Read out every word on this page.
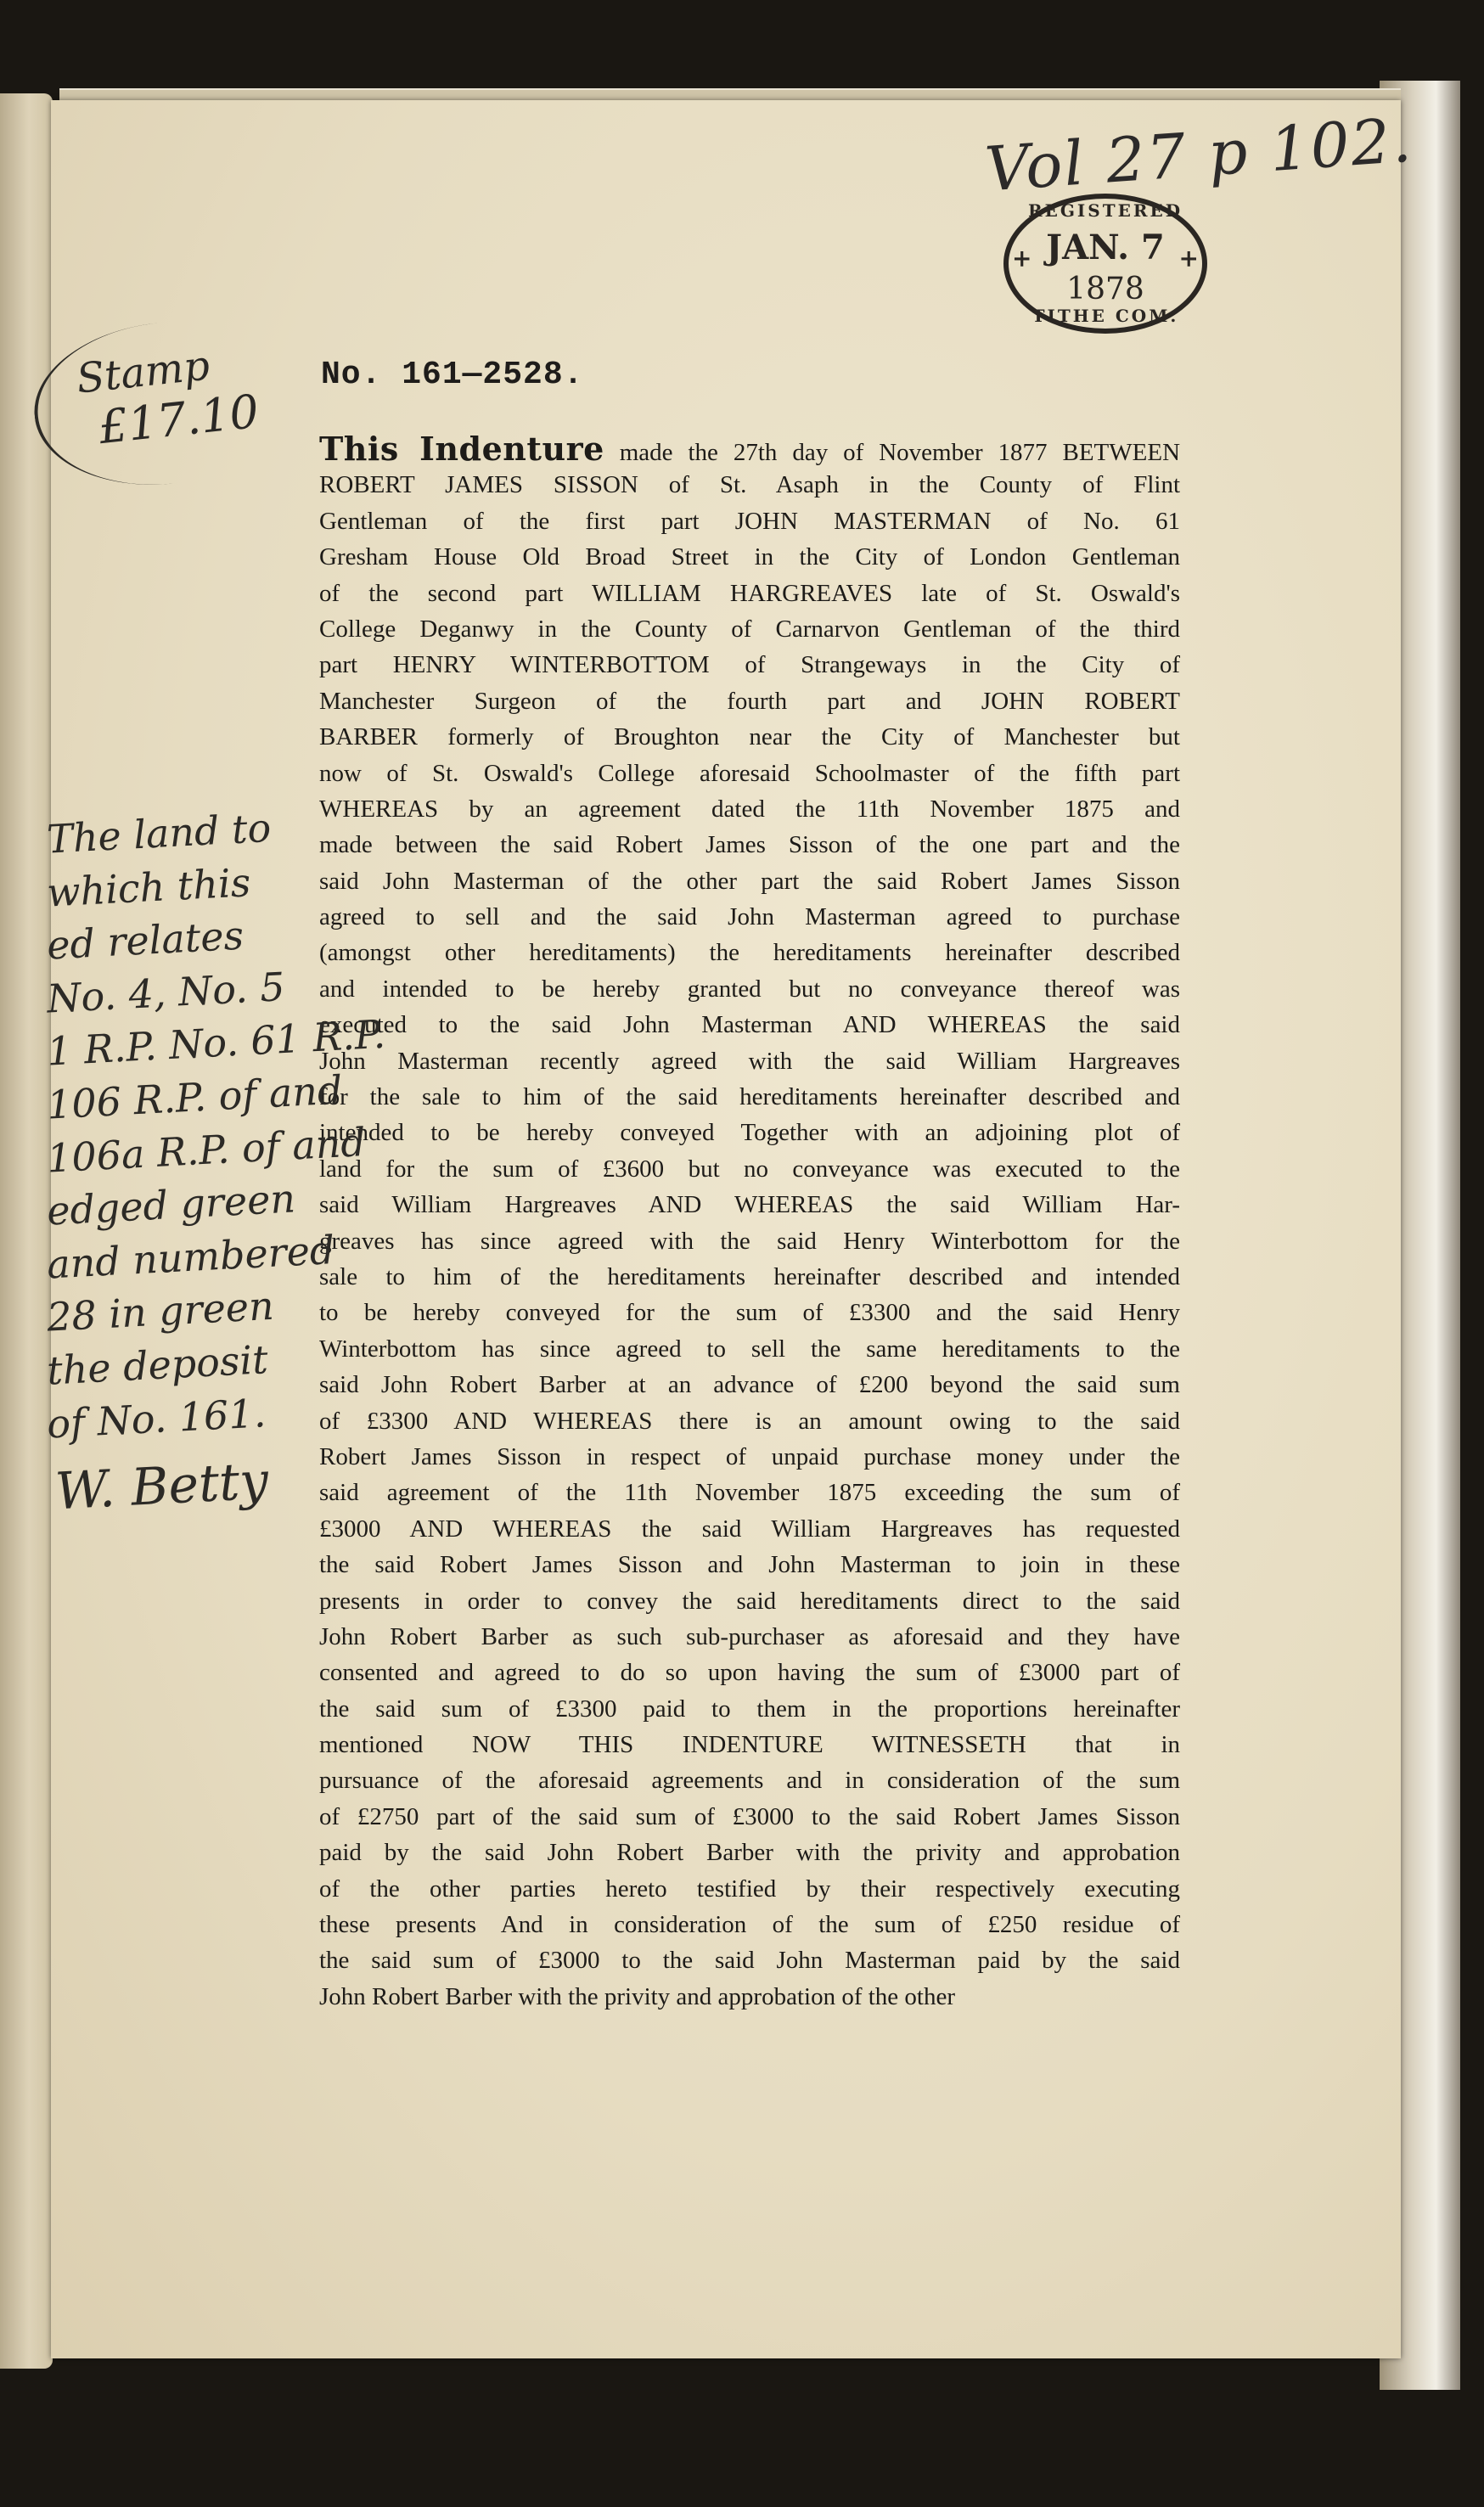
Vol 27 p 102.
REGISTERED
+ JAN. 7 +
1878
TITHE COM.
Stamp
£17.10
No. 161—2528.
This Indenture made the 27th day of November 1877 BETWEEN
ROBERT JAMES SISSON of St. Asaph in the County of Flint
Gentleman of the first part JOHN MASTERMAN of No. 61
Gresham House Old Broad Street in the City of London Gentleman
of the second part WILLIAM HARGREAVES late of St. Oswald's
College Deganwy in the County of Carnarvon Gentleman of the third
part HENRY WINTERBOTTOM of Strangeways in the City of
Manchester Surgeon of the fourth part and JOHN ROBERT
BARBER formerly of Broughton near the City of Manchester but
now of St. Oswald's College aforesaid Schoolmaster of the fifth part
WHEREAS by an agreement dated the 11th November 1875 and
made between the said Robert James Sisson of the one part and the
said John Masterman of the other part the said Robert James Sisson
agreed to sell and the said John Masterman agreed to purchase
(amongst other hereditaments) the hereditaments hereinafter described
and intended to be hereby granted but no conveyance thereof was
executed to the said John Masterman AND WHEREAS the said
John Masterman recently agreed with the said William Hargreaves
for the sale to him of the said hereditaments hereinafter described and
intended to be hereby conveyed Together with an adjoining plot of
land for the sum of £3600 but no conveyance was executed to the
said William Hargreaves AND WHEREAS the said William Har-
greaves has since agreed with the said Henry Winterbottom for the
sale to him of the hereditaments hereinafter described and intended
to be hereby conveyed for the sum of £3300 and the said Henry
Winterbottom has since agreed to sell the same hereditaments to the
said John Robert Barber at an advance of £200 beyond the said sum
of £3300 AND WHEREAS there is an amount owing to the said
Robert James Sisson in respect of unpaid purchase money under the
said agreement of the 11th November 1875 exceeding the sum of
£3000 AND WHEREAS the said William Hargreaves has requested
the said Robert James Sisson and John Masterman to join in these
presents in order to convey the said hereditaments direct to the said
John Robert Barber as such sub-purchaser as aforesaid and they have
consented and agreed to do so upon having the sum of £3000 part of
the said sum of £3300 paid to them in the proportions hereinafter
mentioned NOW THIS INDENTURE WITNESSETH that in
pursuance of the aforesaid agreements and in consideration of the sum
of £2750 part of the said sum of £3000 to the said Robert James Sisson
paid by the said John Robert Barber with the privity and approbation
of the other parties hereto testified by their respectively executing
these presents And in consideration of the sum of £250 residue of
the said sum of £3000 to the said John Masterman paid by the said
John Robert Barber with the privity and approbation of the other
The land to
which this
ed relates
No. 4, No. 5
1 R.P. No. 61 R.P.
106 R.P. of and
106a R.P. of and
edged green
and numbered
28 in green
the deposit
of No. 161.
W. Betty
